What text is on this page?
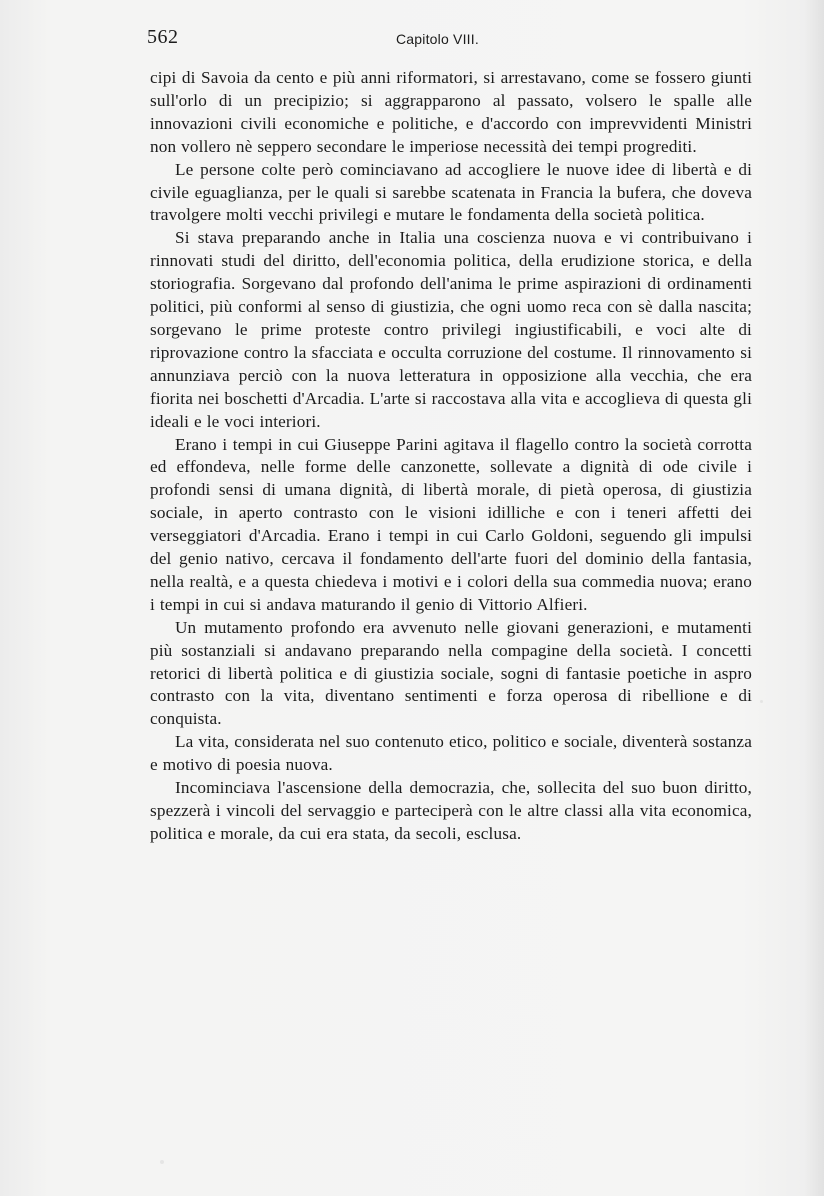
562	Capitolo VIII.

cipi di Savoia da cento e più anni riformatori, si arrestavano, come se fossero giunti sull'orlo di un precipizio; si aggrapparono al passato, volsero le spalle alle innovazioni civili economiche e politiche, e d'accordo con imprevvidenti Ministri non vollero nè seppero secondare le imperiose necessità dei tempi progrediti.

Le persone colte però cominciavano ad accogliere le nuove idee di libertà e di civile eguaglianza, per le quali si sarebbe scatenata in Francia la bufera, che doveva travolgere molti vecchi privilegi e mutare le fondamenta della società politica.

Si stava preparando anche in Italia una coscienza nuova e vi contribuivano i rinnovati studi del diritto, dell'economia politica, della erudizione storica, e della storiografia. Sorgevano dal profondo dell'anima le prime aspirazioni di ordinamenti politici, più conformi al senso di giustizia, che ogni uomo reca con sè dalla nascita; sorgevano le prime proteste contro privilegi ingiustificabili, e voci alte di riprovazione contro la sfacciata e occulta corruzione del costume. Il rinnovamento si annunziava perciò con la nuova letteratura in opposizione alla vecchia, che era fiorita nei boschetti d'Arcadia. L'arte si raccostava alla vita e accoglieva di questa gli ideali e le voci interiori.

Erano i tempi in cui Giuseppe Parini agitava il flagello contro la società corrotta ed effondeva, nelle forme delle canzonette, sollevate a dignità di ode civile i profondi sensi di umana dignità, di libertà morale, di pietà operosa, di giustizia sociale, in aperto contrasto con le visioni idilliche e con i teneri affetti dei verseggiatori d'Arcadia. Erano i tempi in cui Carlo Goldoni, seguendo gli impulsi del genio nativo, cercava il fondamento dell'arte fuori del dominio della fantasia, nella realtà, e a questa chiedeva i motivi e i colori della sua commedia nuova; erano i tempi in cui si andava maturando il genio di Vittorio Alfieri.

Un mutamento profondo era avvenuto nelle giovani generazioni, e mutamenti più sostanziali si andavano preparando nella compagine della società. I concetti retorici di libertà politica e di giustizia sociale, sogni di fantasie poetiche in aspro contrasto con la vita, diventano sentimenti e forza operosa di ribellione e di conquista.

La vita, considerata nel suo contenuto etico, politico e sociale, diventerà sostanza e motivo di poesia nuova.

Incominciava l'ascensione della democrazia, che, sollecita del suo buon diritto, spezzerà i vincoli del servaggio e parteciperà con le altre classi alla vita economica, politica e morale, da cui era stata, da secoli, esclusa.
